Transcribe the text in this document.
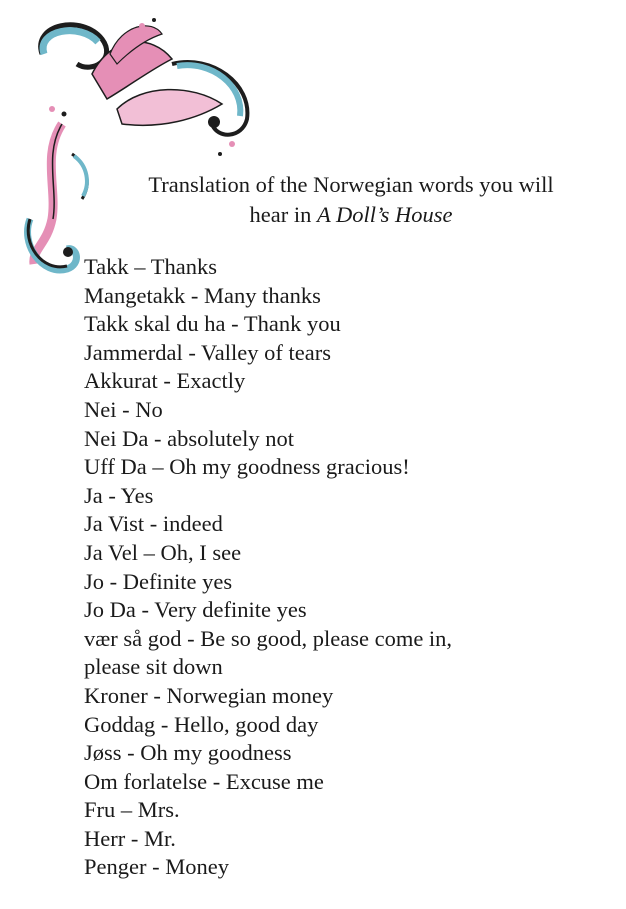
Translation of the Norwegian words you will
hear in A Doll’s House
Takk – Thanks
Mangetakk - Many thanks
Takk skal du ha - Thank you
Jammerdal - Valley of tears
Akkurat - Exactly
Nei - No
Nei Da - absolutely not
Uff Da – Oh my goodness gracious!
Ja - Yes
Ja Vist - indeed
Ja Vel – Oh, I see
Jo - Definite yes
Jo Da - Very definite yes
vær så god - Be so good, please come in,
please sit down
Kroner - Norwegian money
Goddag - Hello, good day
Jøss - Oh my goodness
Om forlatelse - Excuse me
Fru – Mrs.
Herr - Mr.
Penger - Money
